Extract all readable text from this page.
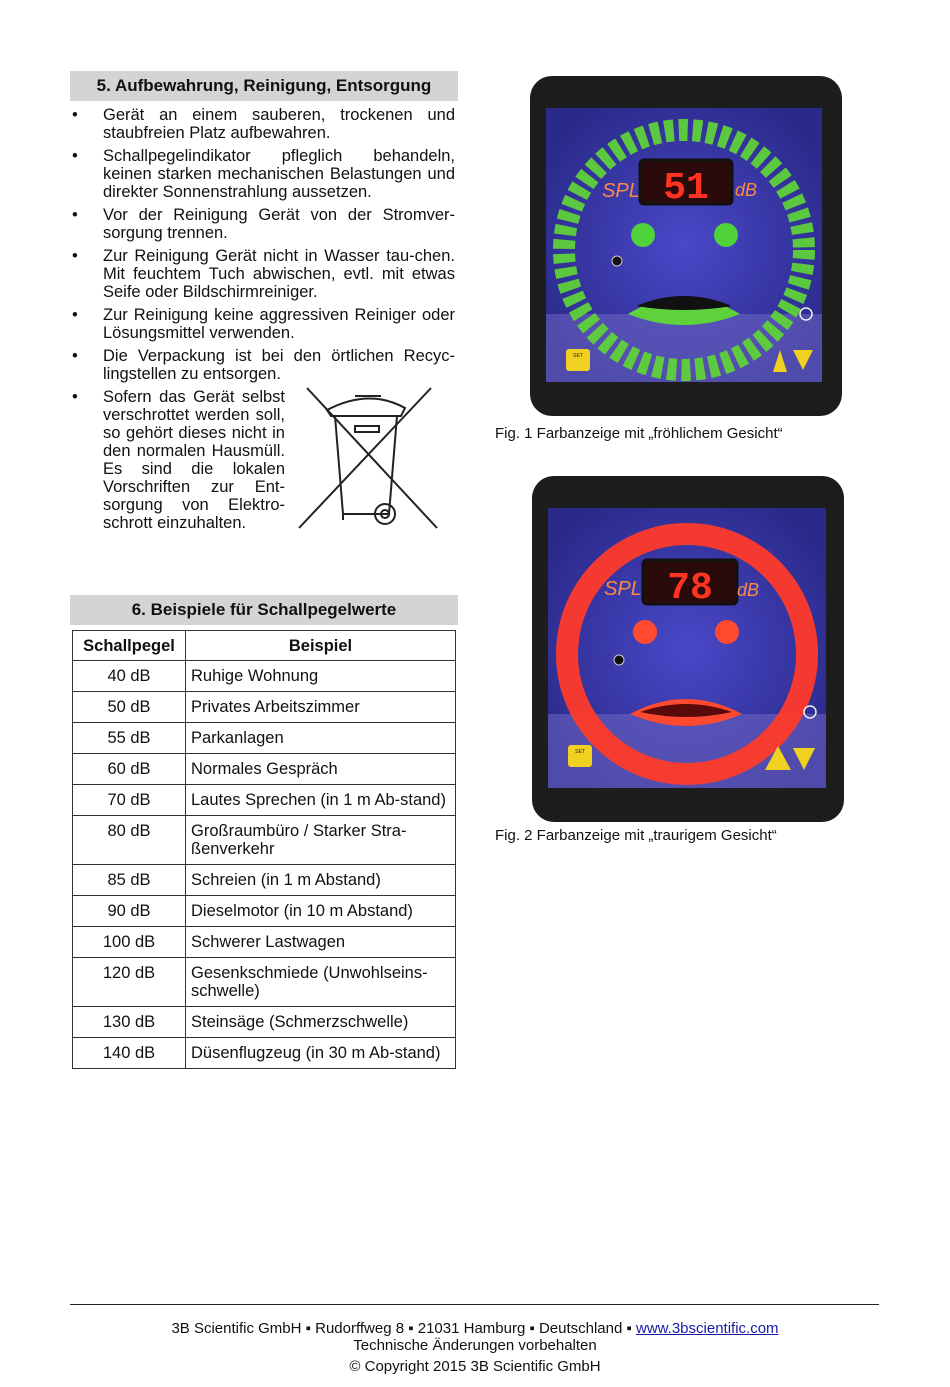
5. Aufbewahrung, Reinigung, Entsorgung
• Gerät an einem sauberen, trockenen und staubfreien Platz aufbewahren.
• Schallpegelindikator pfleglich behandeln, keinen starken mechanischen Belastungen und direkter Sonnenstrahlung aussetzen.
• Vor der Reinigung Gerät von der Stromver-sorgung trennen.
• Zur Reinigung Gerät nicht in Wasser tau-chen. Mit feuchtem Tuch abwischen, evtl. mit etwas Seife oder Bildschirmreiniger.
• Zur Reinigung keine aggressiven Reiniger oder Lösungsmittel verwenden.
• Die Verpackung ist bei den örtlichen Recyc-lingstellen zu entsorgen.
• Sofern das Gerät selbst verschrottet werden soll, so gehört dieses nicht in den normalen Hausmüll. Es sind die lokalen Vorschriften zur Ent-sorgung von Elektro-schrott einzuhalten.
6. Beispiele für Schallpegelwerte
Schallpegel	Beispiel
40 dB	Ruhige Wohnung
50 dB	Privates Arbeitszimmer
55 dB	Parkanlagen
60 dB	Normales Gespräch
70 dB	Lautes Sprechen (in 1 m Ab-stand)
80 dB	Großraumbüro / Starker Stra-ßenverkehr
85 dB	Schreien (in 1 m Abstand)
90 dB	Dieselmotor (in 10 m Abstand)
100 dB	Schwerer Lastwagen
120 dB	Gesenkschmiede (Unwohlseins-schwelle)
130 dB	Steinsäge (Schmerzschwelle)
140 dB	Düsenflugzeug (in 30 m Ab-stand)
51
SPL	dB
SET
Fig. 1 Farbanzeige mit „fröhlichem Gesicht“
78
SPL	dB
SET
Fig. 2 Farbanzeige mit „traurigem Gesicht“
3B Scientific GmbH ▪ Rudorffweg 8 ▪ 21031 Hamburg ▪ Deutschland ▪ www.3bscientific.com
Technische Änderungen vorbehalten
© Copyright 2015 3B Scientific GmbH
